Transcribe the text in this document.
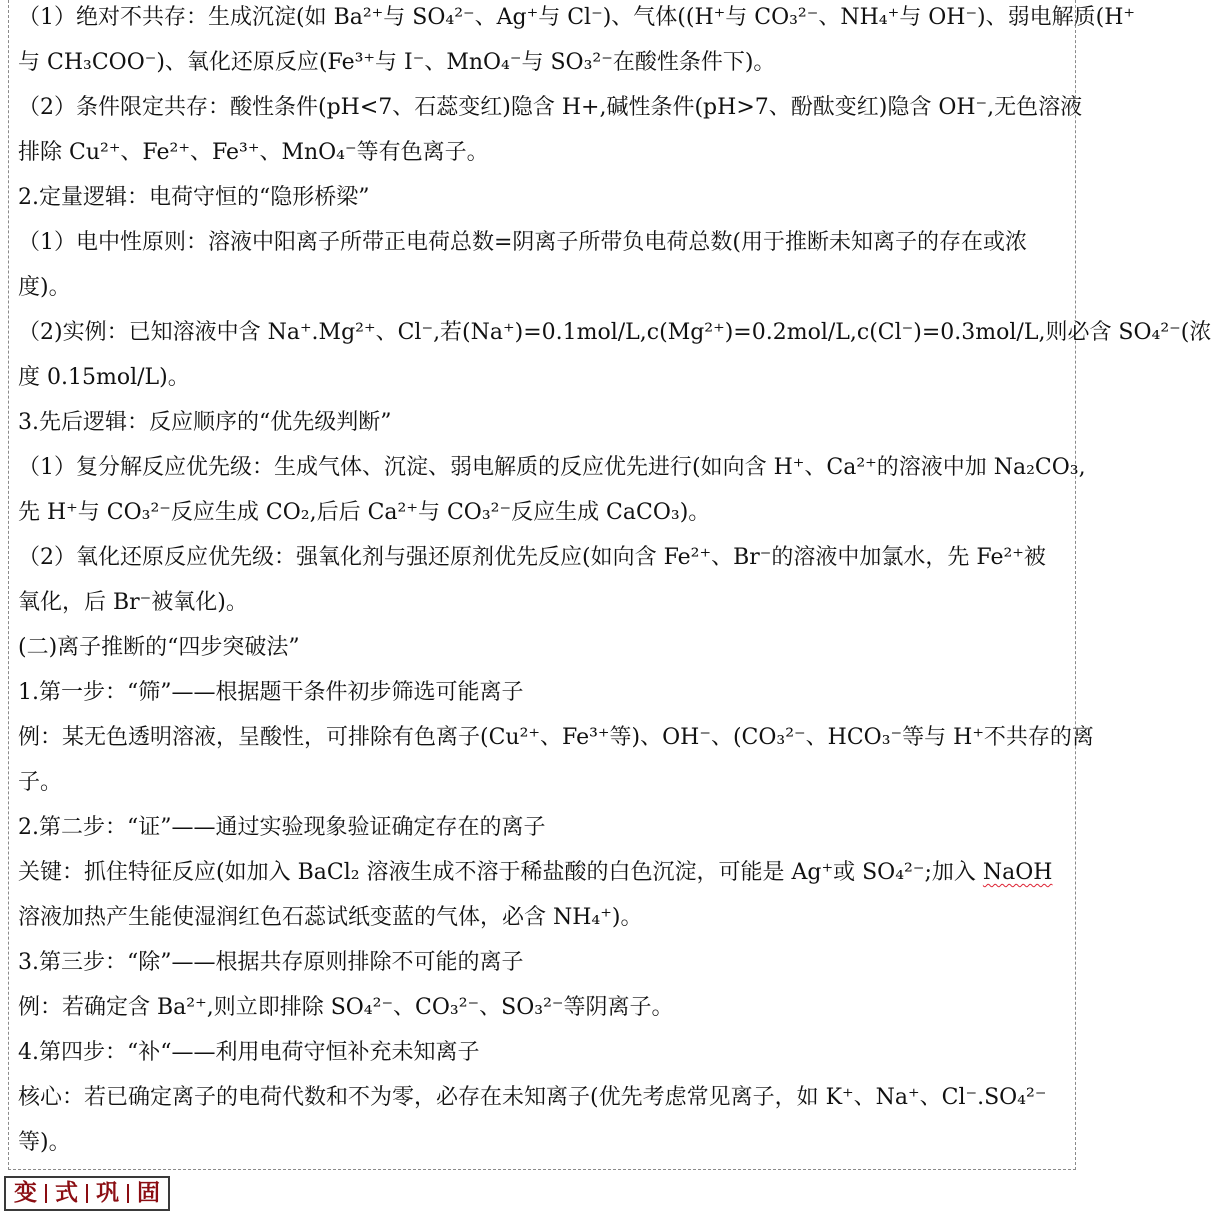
（1）绝对不共存：生成沉淀(如 Ba²⁺与 SO₄²⁻、Ag⁺与 Cl⁻)、气体((H⁺与 CO₃²⁻、NH₄⁺与 OH⁻)、弱电解质(H⁺
与 CH₃COO⁻)、氧化还原反应(Fe³⁺与 I⁻、MnO₄⁻与 SO₃²⁻在酸性条件下)。
（2）条件限定共存：酸性条件(pH<7、石蕊变红)隐含 H+,碱性条件(pH>7、酚酞变红)隐含 OH⁻,无色溶液
排除 Cu²⁺、Fe²⁺、Fe³⁺、MnO₄⁻等有色离子。
2.定量逻辑：电荷守恒的“隐形桥梁”
（1）电中性原则：溶液中阳离子所带正电荷总数=阴离子所带负电荷总数(用于推断未知离子的存在或浓
度)。
（2)实例：已知溶液中含 Na⁺.Mg²⁺、Cl⁻,若(Na⁺)=0.1mol/L,c(Mg²⁺)=0.2mol/L,c(Cl⁻)=0.3mol/L,则必含 SO₄²⁻(浓
度 0.15mol/L)。
3.先后逻辑：反应顺序的“优先级判断”
（1）复分解反应优先级：生成气体、沉淀、弱电解质的反应优先进行(如向含 H⁺、Ca²⁺的溶液中加 Na₂CO₃,
先 H⁺与 CO₃²⁻反应生成 CO₂,后后 Ca²⁺与 CO₃²⁻反应生成 CaCO₃)。
（2）氧化还原反应优先级：强氧化剂与强还原剂优先反应(如向含 Fe²⁺、Br⁻的溶液中加氯水，先 Fe²⁺被
氧化，后 Br⁻被氧化)。
(二)离子推断的“四步突破法”
1.第一步：“筛”——根据题干条件初步筛选可能离子
例：某无色透明溶液，呈酸性，可排除有色离子(Cu²⁺、Fe³⁺等)、OH⁻、(CO₃²⁻、HCO₃⁻等与 H⁺不共存的离
子。
2.第二步：“证”——通过实验现象验证确定存在的离子
关键：抓住特征反应(如加入 BaCl₂ 溶液生成不溶于稀盐酸的白色沉淀，可能是 Ag⁺或 SO₄²⁻;加入 NaOH
溶液加热产生能使湿润红色石蕊试纸变蓝的气体，必含 NH₄⁺)。
3.第三步：“除”——根据共存原则排除不可能的离子
例：若确定含 Ba²⁺,则立即排除 SO₄²⁻、CO₃²⁻、SO₃²⁻等阴离子。
4.第四步：“补“——利用电荷守恒补充未知离子
核心：若已确定离子的电荷代数和不为零，必存在未知离子(优先考虑常见离子，如 K⁺、Na⁺、Cl⁻.SO₄²⁻
等)。
变 式 巩 固
